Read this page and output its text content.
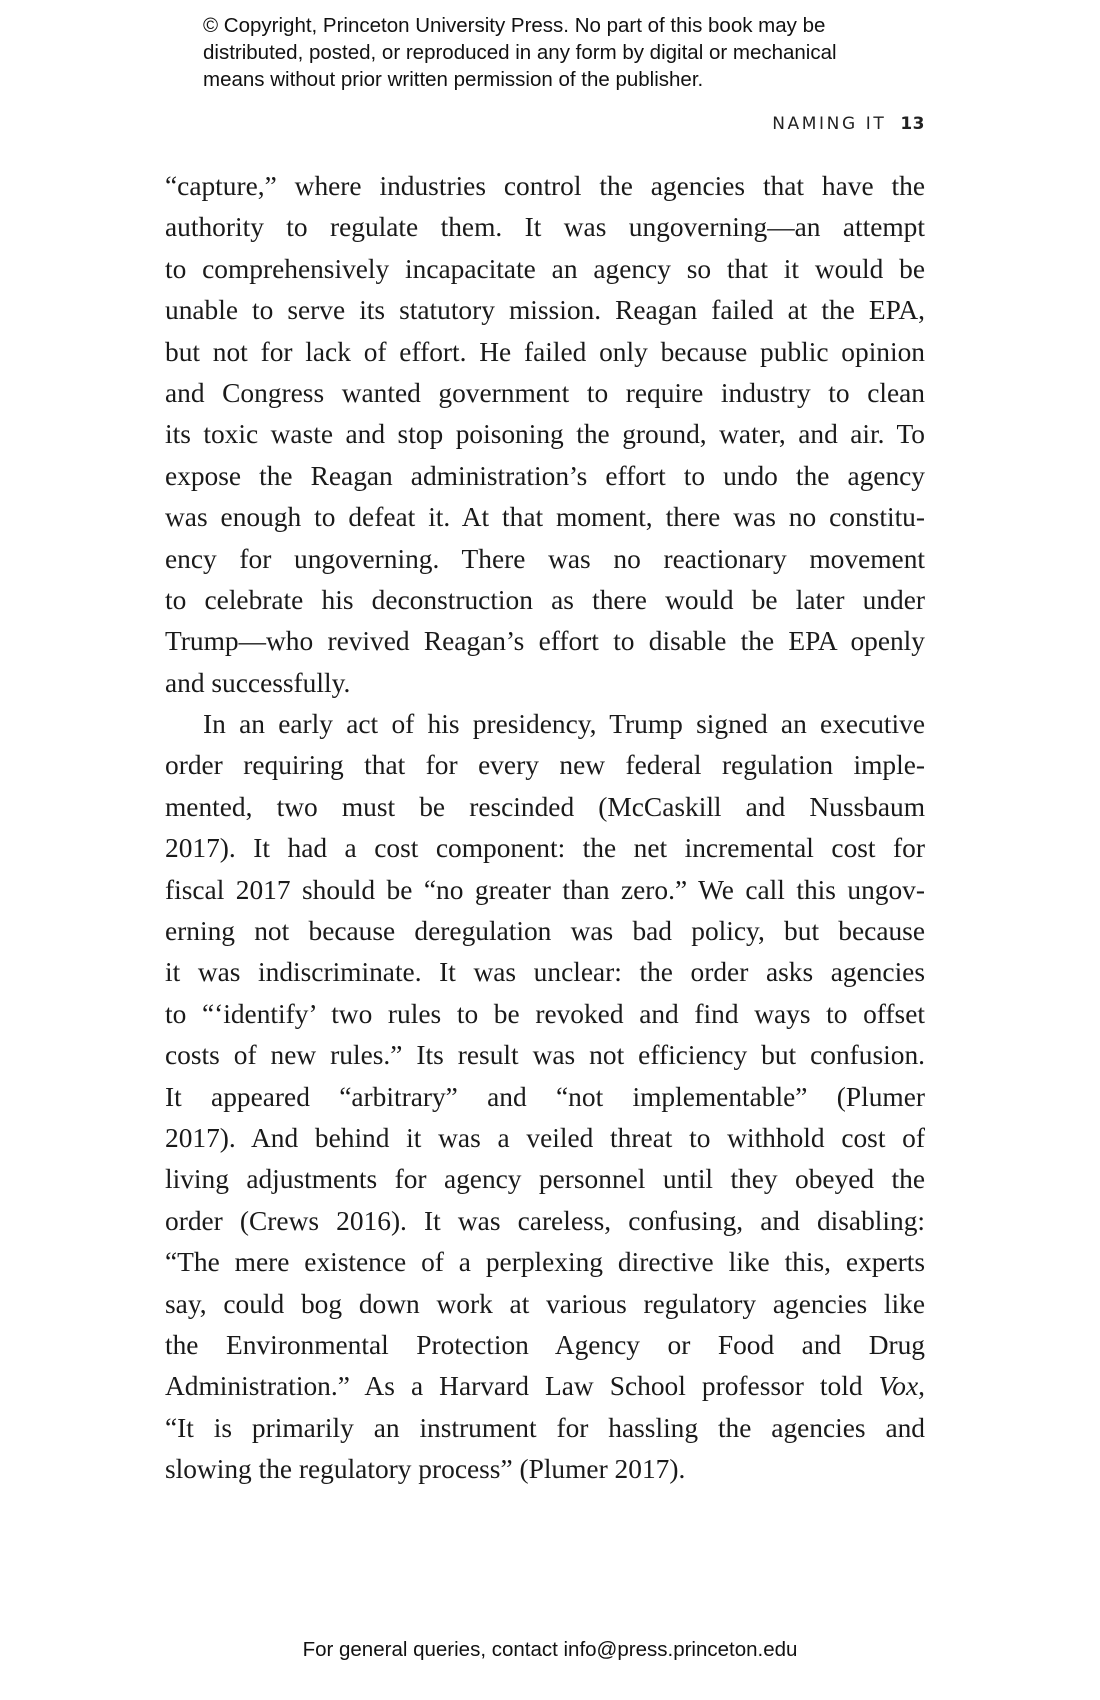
© Copyright, Princeton University Press. No part of this book may be
distributed, posted, or reproduced in any form by digital or mechanical
means without prior written permission of the publisher.
NAMING IT 13
“capture,” where industries control the agencies that have the
authority to regulate them. It was ungoverning—an attempt
to comprehensively incapacitate an agency so that it would be
unable to serve its statutory mission. Reagan failed at the EPA,
but not for lack of effort. He failed only because public opinion
and Congress wanted government to require industry to clean
its toxic waste and stop poisoning the ground, water, and air. To
expose the Reagan administration’s effort to undo the agency
was enough to defeat it. At that moment, there was no constitu-
ency for ungoverning. There was no reactionary movement
to celebrate his deconstruction as there would be later under
Trump—who revived Reagan’s effort to disable the EPA openly
and successfully.
In an early act of his presidency, Trump signed an executive
order requiring that for every new federal regulation imple-
mented, two must be rescinded (McCaskill and Nussbaum
2017). It had a cost component: the net incremental cost for
fiscal 2017 should be “no greater than zero.” We call this ungov-
erning not because deregulation was bad policy, but because
it was indiscriminate. It was unclear: the order asks agencies
to “‘identify’ two rules to be revoked and find ways to offset
costs of new rules.” Its result was not efficiency but confusion.
It appeared “arbitrary” and “not implementable” (Plumer
2017). And behind it was a veiled threat to withhold cost of
living adjustments for agency personnel until they obeyed the
order (Crews 2016). It was careless, confusing, and disabling:
“The mere existence of a perplexing directive like this, experts
say, could bog down work at various regulatory agencies like
the Environmental Protection Agency or Food and Drug
Administration.” As a Harvard Law School professor told Vox,
“It is primarily an instrument for hassling the agencies and
slowing the regulatory process” (Plumer 2017).
For general queries, contact info@press.princeton.edu
